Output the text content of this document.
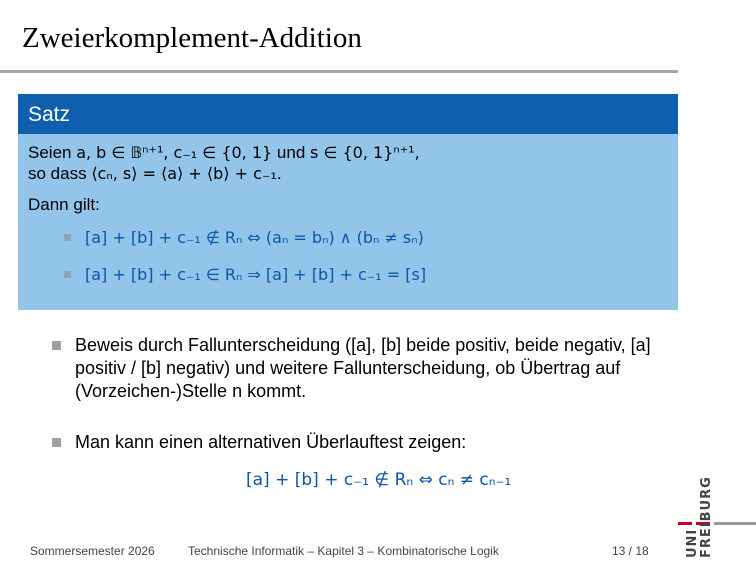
Zweierkomplement-Addition
Satz
Seien a, b ∈ 𝔹ⁿ⁺¹, c₋₁ ∈ {0, 1} und s ∈ {0, 1}ⁿ⁺¹,
so dass ⟨cₙ, s⟩ = ⟨a⟩ + ⟨b⟩ + c₋₁.
Dann gilt:
[a] + [b] + c₋₁ ∉ Rₙ ⇔ (aₙ = bₙ) ∧ (bₙ ≠ sₙ)
[a] + [b] + c₋₁ ∈ Rₙ ⇒ [a] + [b] + c₋₁ = [s]
Beweis durch Fallunterscheidung ([a], [b] beide positiv, beide negativ, [a] positiv / [b] negativ) und weitere Fallunterscheidung, ob Übertrag auf (Vorzeichen-)Stelle n kommt.
Man kann einen alternativen Überlauftest zeigen:
[a] + [b] + c₋₁ ∉ Rₙ ⇔ cₙ ≠ cₙ₋₁
Sommersemester 2026	Technische Informatik – Kapitel 3 – Kombinatorische Logik	13 / 18	UNI FREIBURG
